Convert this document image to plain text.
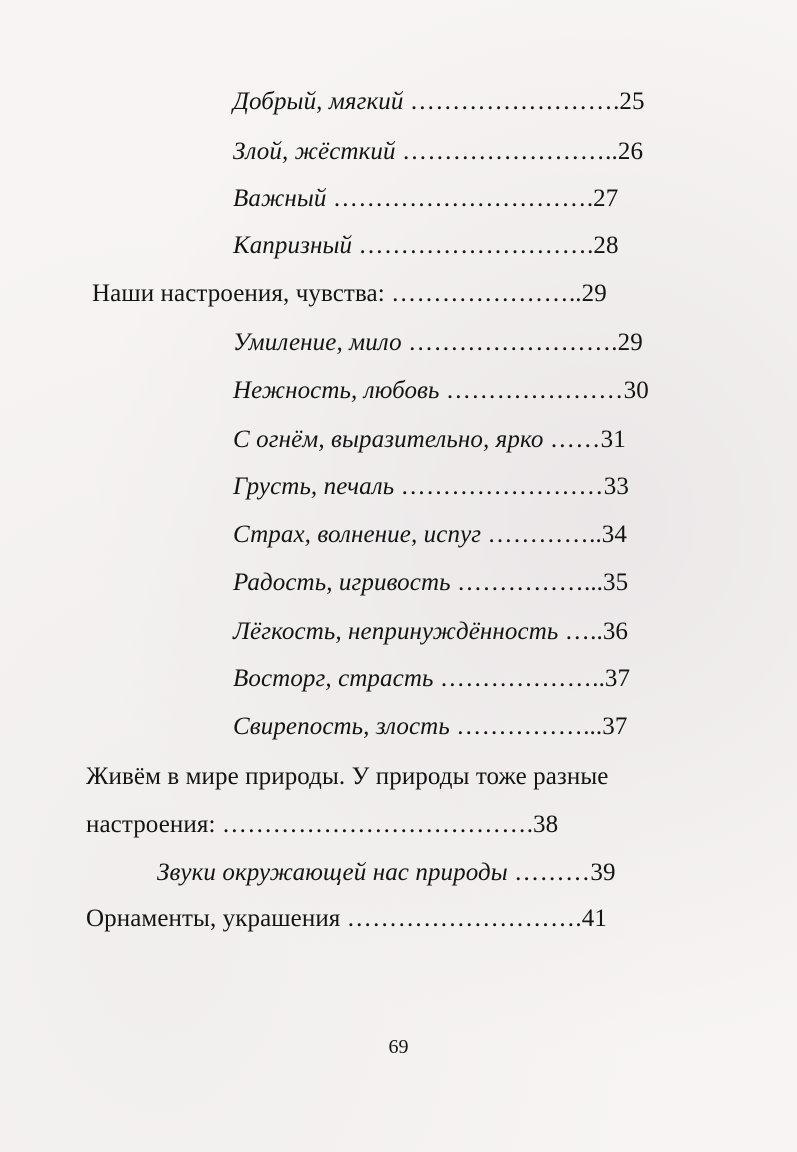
Добрый, мягкий …………………….25
Злой, жёсткий ……………………..26
Важный ………………………….27
Капризный ……………………….28
Наши настроения, чувства: …………………..29
Умиление, мило …………………….29
Нежность, любовь …………………30
С огнём, выразительно, ярко ……31
Грусть, печаль ……………………33
Страх, волнение, испуг …………..34
Радость, игривость ……………...35
Лёгкость, непринуждённость …..36
Восторг, страсть ………………..37
Свирепость, злость ……………...37
Живём в мире природы. У природы тоже разные
настроения: ……………………………….38
Звуки окружающей нас природы ………39
Орнаменты, украшения ……………………….41
69
